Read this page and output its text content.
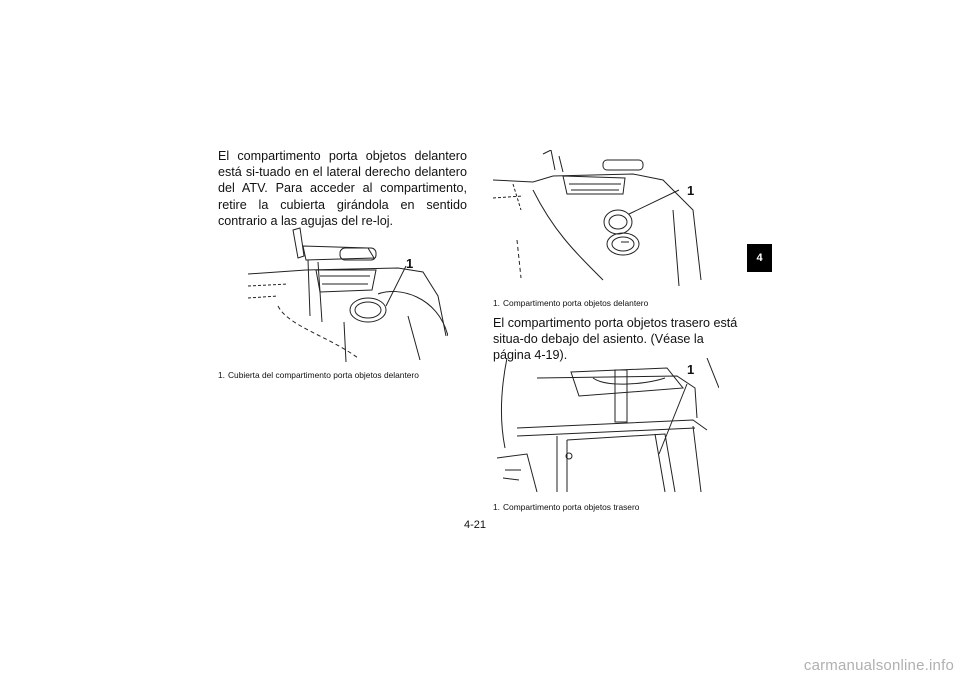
El compartimento porta objetos delantero está si-tuado en el lateral derecho delantero del ATV. Para acceder al compartimento, retire la cubierta girándola en sentido contrario a las agujas del re-loj.

1
1. Cubierta del compartimento porta objetos delantero
1
1. Compartimento porta objetos delantero

El compartimento porta objetos trasero está situa-do debajo del asiento. (Véase la página 4-19).

1
1. Compartimento porta objetos trasero
4
4-21
carmanualsonline.info
